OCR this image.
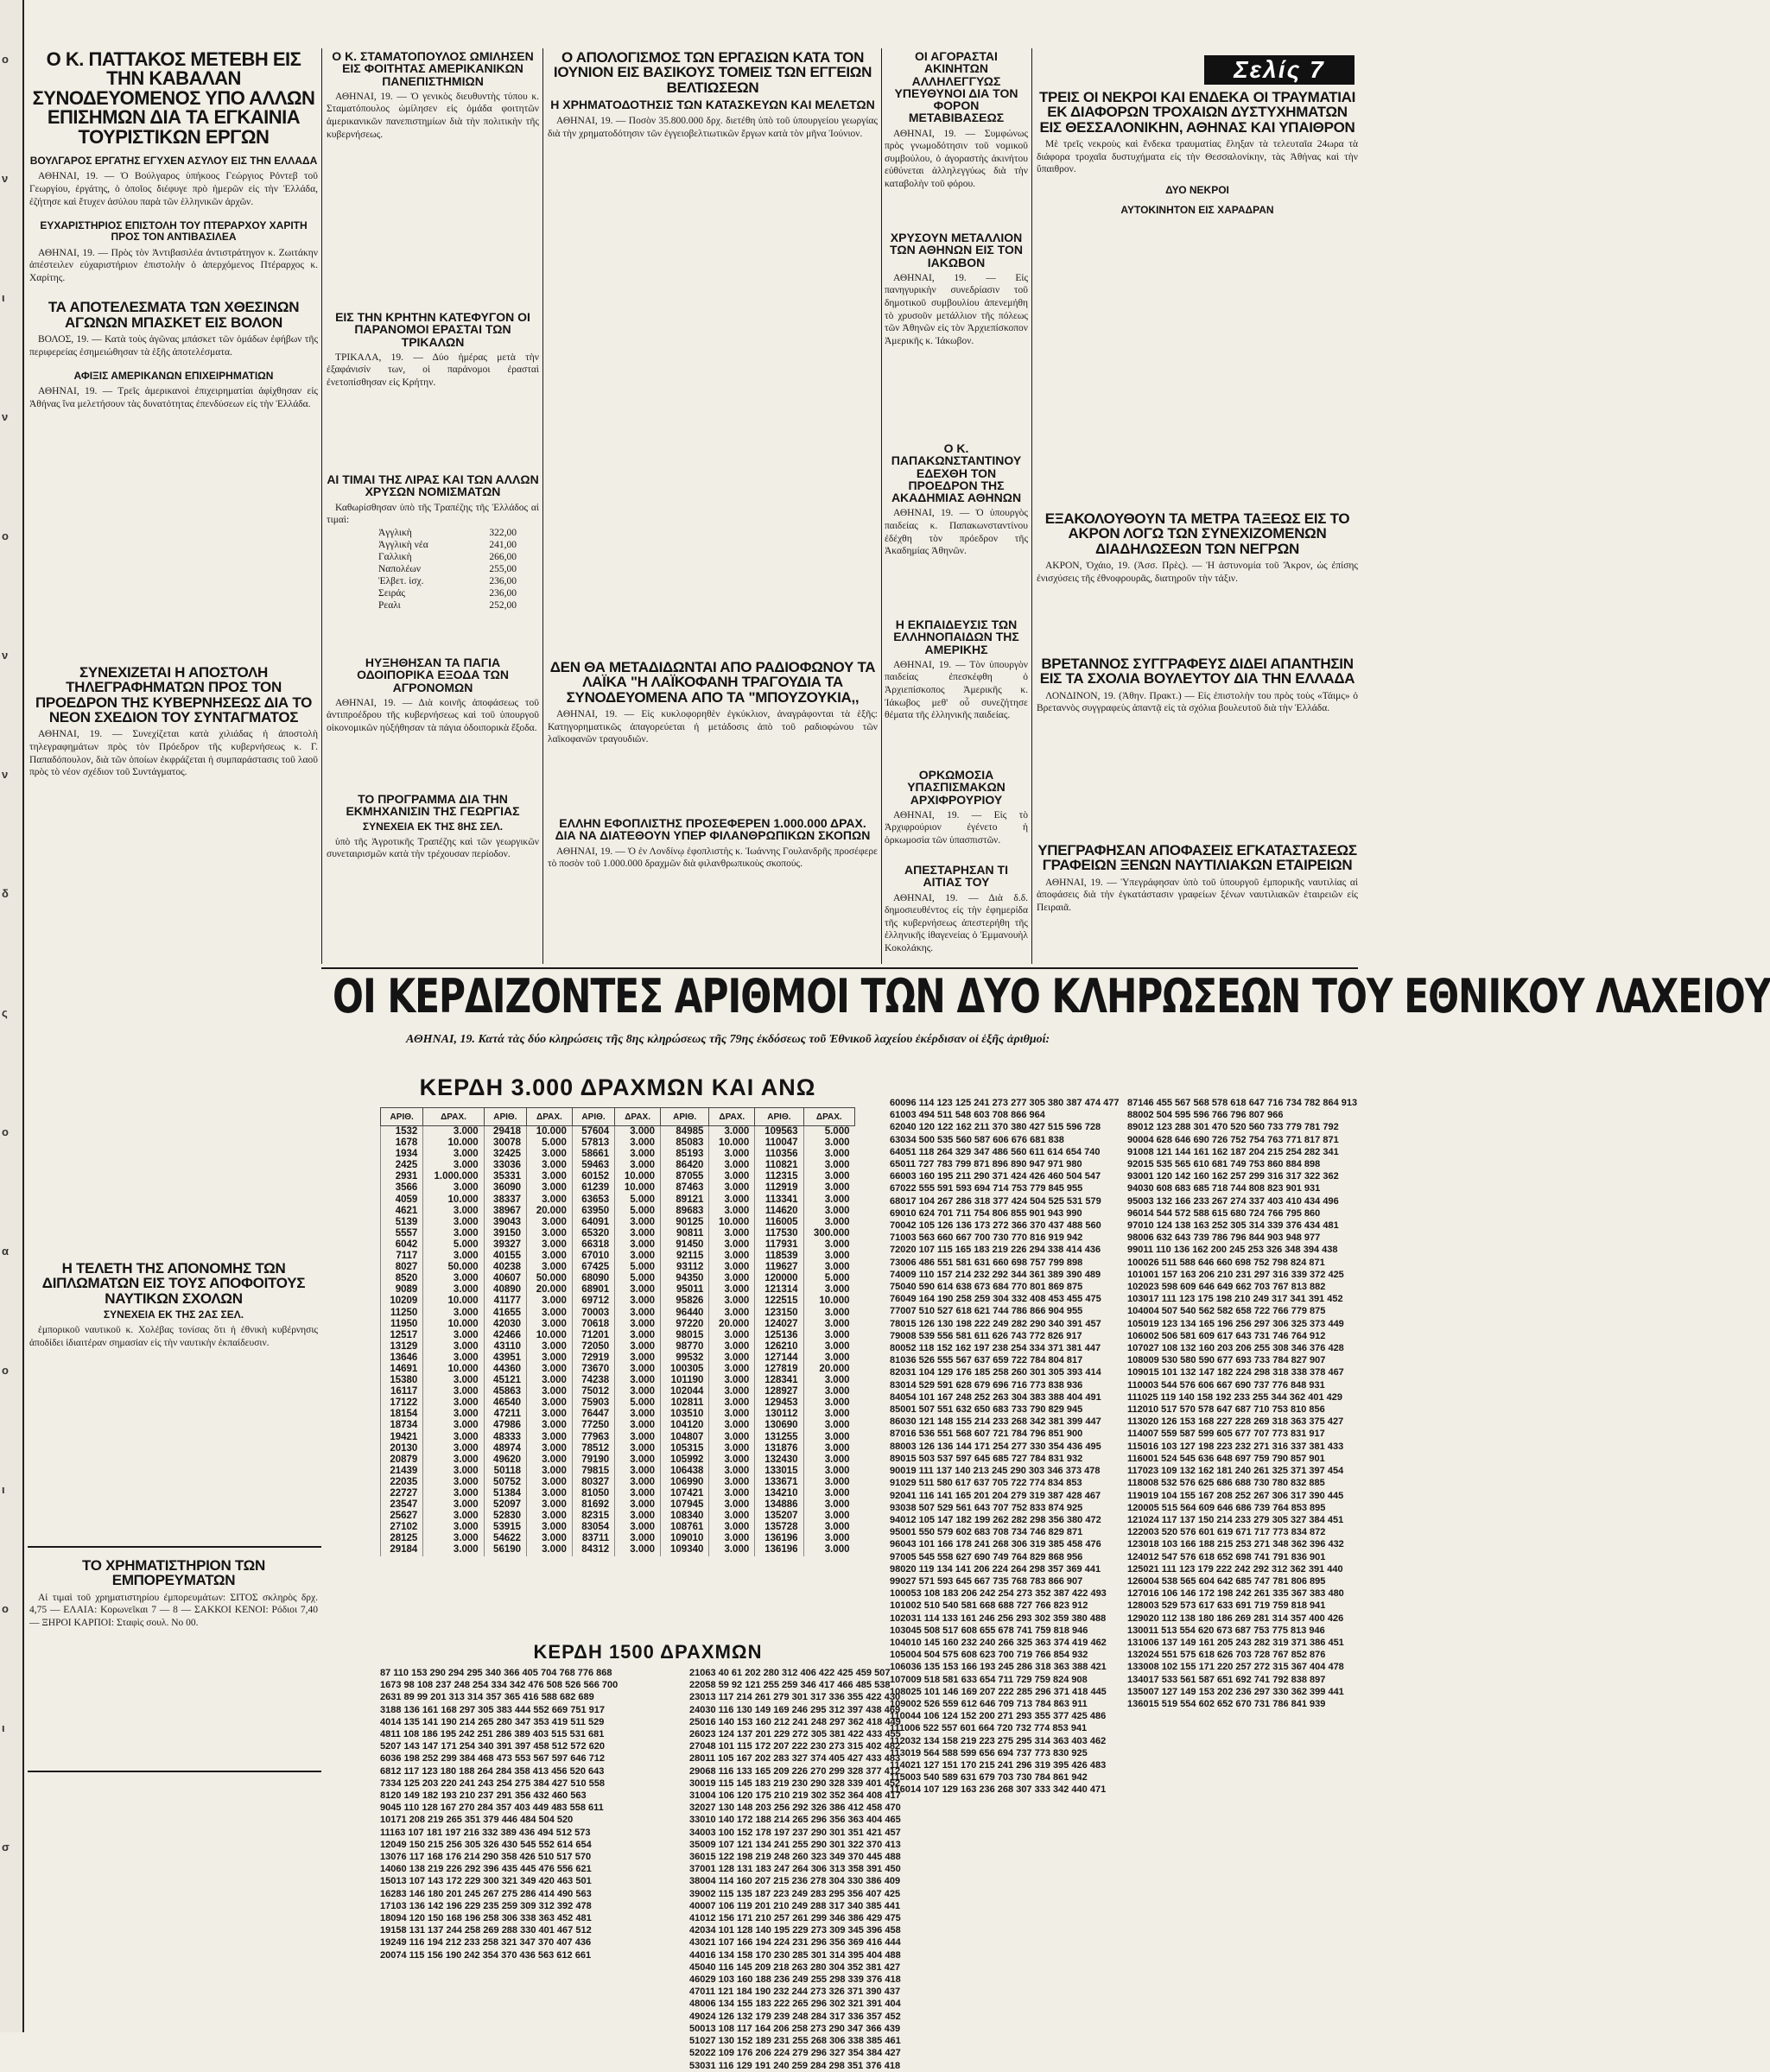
ο
ν
ι
ν
ο
ν
ν
δ
ς
ο
α
ο
ι
ο
ι
σ
Σελίς 7
Ο Κ. ΠΑΤΤΑΚΟΣ ΜΕΤΕΒΗ ΕΙΣ ΤΗΝ ΚΑΒΑΛΑΝ ΣΥΝΟΔΕΥΟΜΕΝΟΣ ΥΠΟ ΑΛΛΩΝ ΕΠΙΣΗΜΩΝ ΔΙΑ ΤΑ ΕΓΚΑΙΝΙΑ ΤΟΥΡΙΣΤΙΚΩΝ ΕΡΓΩΝ
ΒΟΥΛΓΑΡΟΣ ΕΡΓΑΤΗΣ ΕΓΥΧΕΝ ΑΣΥΛΟΥ ΕΙΣ ΤΗΝ ΕΛΛΑΔΑ

ΑΘΗΝΑΙ, 19. — Ὁ Βούλγαρος ὑπήκοος Γεώργιος Ρόντεβ τοῦ Γεωργίου, ἐργάτης, ὁ ὁποῖος διέφυγε πρὸ ἡμερῶν εἰς τὴν Ἑλλάδα, ἐζήτησε καὶ ἔτυχεν ἀσύλου παρὰ τῶν ἑλληνικῶν ἀρχῶν.

ΕΥΧΑΡΙΣΤΗΡΙΟΣ ΕΠΙΣΤΟΛΗ ΤΟΥ ΠΤΕΡΑΡΧΟΥ ΧΑΡΙΤΗ ΠΡΟΣ ΤΟΝ ΑΝΤΙΒΑΣΙΛΕΑ

ΑΘΗΝΑΙ, 19. — Πρὸς τὸν Ἀντιβασιλέα ἀντιστράτηγον κ. Ζωιτάκην ἀπέστειλεν εὐχαριστήριον ἐπιστολὴν ὁ ἀπερχόμενος Πτέραρχος κ. Χαρίτης.

ΤΑ ΑΠΟΤΕΛΕΣΜΑΤΑ ΤΩΝ ΧΘΕΣΙΝΩΝ ΑΓΩΝΩΝ ΜΠΑΣΚΕΤ ΕΙΣ ΒΟΛΟΝ

ΒΟΛΟΣ, 19. — Κατὰ τοὺς ἀγῶνας μπάσκετ τῶν ὁμάδων ἐφήβων τῆς περιφερείας ἐσημειώθησαν τὰ ἑξῆς ἀποτελέσματα.

ΑΦΙΞΙΣ ΑΜΕΡΙΚΑΝΩΝ ΕΠΙΧΕΙΡΗΜΑΤΙΩΝ

ΑΘΗΝΑΙ, 19. — Τρεῖς ἀμερικανοὶ ἐπιχειρηματίαι ἀφίχθησαν εἰς Ἀθήνας ἵνα μελετήσουν τὰς δυνατότητας ἐπενδύσεων εἰς τὴν Ἑλλάδα.

ΣΥΝΕΧΙΖΕΤΑΙ Η ΑΠΟΣΤΟΛΗ ΤΗΛΕΓΡΑΦΗΜΑΤΩΝ ΠΡΟΣ ΤΟΝ ΠΡΟΕΔΡΟΝ ΤΗΣ ΚΥΒΕΡΝΗΣΕΩΣ ΔΙΑ ΤΟ ΝΕΟΝ ΣΧΕΔΙΟΝ ΤΟΥ ΣΥΝΤΑΓΜΑΤΟΣ

ΑΘΗΝΑΙ, 19. — Συνεχίζεται κατὰ χιλιάδας ἡ ἀποστολὴ τηλεγραφημάτων πρὸς τὸν Πρόεδρον τῆς κυβερνήσεως κ. Γ. Παπαδόπουλον, διὰ τῶν ὁποίων ἐκφράζεται ἡ συμπαράστασις τοῦ λαοῦ πρὸς τὸ νέον σχέδιον τοῦ Συντάγματος.

Η ΤΕΛΕΤΗ ΤΗΣ ΑΠΟΝΟΜΗΣ ΤΩΝ ΔΙΠΛΩΜΑΤΩΝ ΕΙΣ ΤΟΥΣ ΑΠΟΦΟΙΤΟΥΣ ΝΑΥΤΙΚΩΝ ΣΧΟΛΩΝ
ΣΥΝΕΧΕΙΑ ΕΚ ΤΗΣ 2ΑΣ ΣΕΛ.

ἐμπορικοῦ ναυτικοῦ κ. Χολέβας τονίσας ὅτι ἡ ἐθνικὴ κυβέρνησις ἀποδίδει ἰδιαιτέραν σημασίαν εἰς τὴν ναυτικὴν ἐκπαίδευσιν.

ΤΟ ΧΡΗΜΑΤΙΣΤΗΡΙΟΝ ΤΩΝ ΕΜΠΟΡΕΥΜΑΤΩΝ

Αἱ τιμαὶ τοῦ χρηματιστηρίου ἐμπορευμάτων: ΣΙΤΟΣ σκληρὸς δρχ. 4,75 — ΕΛΑΙΑ: Κορωνεῖκαι 7 — 8 — ΣΑΚΚΟΙ ΚΕΝΟΙ: Ρόδιοι 7,40 — ΞΗΡΟΙ ΚΑΡΠΟΙ: Σταφὶς σουλ. Νο 00.

Ο Κ. ΣΤΑΜΑΤΟΠΟΥΛΟΣ ΩΜΙΛΗΣΕΝ ΕΙΣ ΦΟΙΤΗΤΑΣ ΑΜΕΡΙΚΑΝΙΚΩΝ ΠΑΝΕΠΙΣΤΗΜΙΩΝ

ΑΘΗΝΑΙ, 19. — Ὁ γενικὸς διευθυντὴς τύπου κ. Σταματόπουλος ὡμίλησεν εἰς ὁμάδα φοιτητῶν ἀμερικανικῶν πανεπιστημίων διὰ τὴν πολιτικὴν τῆς κυβερνήσεως.

ΕΙΣ ΤΗΝ ΚΡΗΤΗΝ ΚΑΤΕΦΥΓΟΝ ΟΙ ΠΑΡΑΝΟΜΟΙ ΕΡΑΣΤΑΙ ΤΩΝ ΤΡΙΚΑΛΩΝ

ΤΡΙΚΑΛΑ, 19. — Δύο ἡμέρας μετὰ τὴν ἐξαφάνισίν των, οἱ παράνομοι ἐρασταὶ ἐνετοπίσθησαν εἰς Κρήτην.

ΑΙ ΤΙΜΑΙ ΤΗΣ ΛΙΡΑΣ ΚΑΙ ΤΩΝ ΑΛΛΩΝ ΧΡΥΣΩΝ ΝΟΜΙΣΜΑΤΩΝ

Καθωρίσθησαν ὑπὸ τῆς Τραπέζης τῆς Ἑλλάδος αἱ τιμαὶ:

Ἀγγλικὴ	322,00
Ἀγγλικὴ νέα	241,00
Γαλλικὴ	266,00
Ναπολέων	255,00
Ἑλβετ. ἰσχ.	236,00
Σειράς	236,00
Ρεαλι	252,00
ΗΥΞΗΘΗΣΑΝ ΤΑ ΠΑΓΙΑ ΟΔΟΙΠΟΡΙΚΑ ΕΞΟΔΑ ΤΩΝ ΑΓΡΟΝΟΜΩΝ

ΑΘΗΝΑΙ, 19. — Διὰ κοινῆς ἀποφάσεως τοῦ ἀντιπροέδρου τῆς κυβερνήσεως καὶ τοῦ ὑπουργοῦ οἰκονομικῶν ηὐξήθησαν τὰ πάγια ὁδοιπορικὰ ἔξοδα.

ΤΟ ΠΡΟΓΡΑΜΜΑ ΔΙΑ ΤΗΝ ΕΚΜΗΧΑΝΙΣΙΝ ΤΗΣ ΓΕΩΡΓΙΑΣ
ΣΥΝΕΧΕΙΑ ΕΚ ΤΗΣ 8ΗΣ ΣΕΛ.

ὑπὸ τῆς Ἀγροτικῆς Τραπέζης καὶ τῶν γεωργικῶν συνεταιρισμῶν κατὰ τὴν τρέχουσαν περίοδον.

Ο ΑΠΟΛΟΓΙΣΜΟΣ ΤΩΝ ΕΡΓΑΣΙΩΝ ΚΑΤΑ ΤΟΝ ΙΟΥΝΙΟΝ ΕΙΣ ΒΑΣΙΚΟΥΣ ΤΟΜΕΙΣ ΤΩΝ ΕΓΓΕΙΩΝ ΒΕΛΤΙΩΣΕΩΝ
Η ΧΡΗΜΑΤΟΔΟΤΗΣΙΣ ΤΩΝ ΚΑΤΑΣΚΕΥΩΝ ΚΑΙ ΜΕΛΕΤΩΝ

ΑΘΗΝΑΙ, 19. — Ποσὸν 35.800.000 δρχ. διετέθη ὑπὸ τοῦ ὑπουργείου γεωργίας διὰ τὴν χρηματοδότησιν τῶν ἐγγειοβελτιωτικῶν ἔργων κατὰ τὸν μῆνα Ἰούνιον.

ΔΕΝ ΘΑ ΜΕΤΑΔΙΔΩΝΤΑΙ ΑΠΟ ΡΑΔΙΟΦΩΝΟΥ ΤΑ ΛΑΪΚΑ "Η ΛΑΪΚΟΦΑΝΗ ΤΡΑΓΟΥΔΙΑ ΤΑ ΣΥΝΟΔΕΥΟΜΕΝΑ ΑΠΟ ΤΑ "ΜΠΟΥΖΟΥΚΙΑ,,

ΑΘΗΝΑΙ, 19. — Εἰς κυκλοφορηθὲν ἐγκύκλιον, ἀναγράφονται τὰ ἑξῆς: Κατηγορηματικῶς ἀπαγορεύεται ἡ μετάδοσις ἀπὸ τοῦ ραδιοφώνου τῶν λαϊκοφανῶν τραγουδιῶν.

ΕΛΛΗΝ ΕΦΟΠΛΙΣΤΗΣ ΠΡΟΣΕΦΕΡΕΝ 1.000.000 ΔΡΑΧ. ΔΙΑ ΝΑ ΔΙΑΤΕΘΟΥΝ ΥΠΕΡ ΦΙΛΑΝΘΡΩΠΙΚΩΝ ΣΚΟΠΩΝ

ΑΘΗΝΑΙ, 19. — Ὁ ἐν Λονδίνῳ ἐφοπλιστὴς κ. Ἰωάννης Γουλανδρῆς προσέφερε τὸ ποσὸν τοῦ 1.000.000 δραχμῶν διὰ φιλανθρωπικοὺς σκοπούς.

ΟΙ ΑΓΟΡΑΣΤΑΙ ΑΚΙΝΗΤΩΝ ΑΛΛΗΛΕΓΓΥΩΣ ΥΠΕΥΘΥΝΟΙ ΔΙΑ ΤΟΝ ΦΟΡΟΝ ΜΕΤΑΒΙΒΑΣΕΩΣ

ΑΘΗΝΑΙ, 19. — Συμφώνως πρὸς γνωμοδότησιν τοῦ νομικοῦ συμβούλου, ὁ ἀγοραστὴς ἀκινήτου εὐθύνεται ἀλληλεγγύως διὰ τὴν καταβολὴν τοῦ φόρου.

ΧΡΥΣΟΥΝ ΜΕΤΑΛΛΙΟΝ ΤΩΝ ΑΘΗΝΩΝ ΕΙΣ ΤΟΝ ΙΑΚΩΒΟΝ

ΑΘΗΝΑΙ, 19. — Εἰς πανηγυρικὴν συνεδρίασιν τοῦ δημοτικοῦ συμβουλίου ἀπενεμήθη τὸ χρυσοῦν μετάλλιον τῆς πόλεως τῶν Ἀθηνῶν εἰς τὸν Ἀρχιεπίσκοπον Ἀμερικῆς κ. Ἰάκωβον.

Ο Κ. ΠΑΠΑΚΩΝΣΤΑΝΤΙΝΟΥ ΕΔΕΧΘΗ ΤΟΝ ΠΡΟΕΔΡΟΝ ΤΗΣ ΑΚΑΔΗΜΙΑΣ ΑΘΗΝΩΝ

ΑΘΗΝΑΙ, 19. — Ὁ ὑπουργὸς παιδείας κ. Παπακωνσταντίνου ἐδέχθη τὸν πρόεδρον τῆς Ἀκαδημίας Ἀθηνῶν.

Η ΕΚΠΑΙΔΕΥΣΙΣ ΤΩΝ ΕΛΛΗΝΟΠΑΙΔΩΝ ΤΗΣ ΑΜΕΡΙΚΗΣ

ΑΘΗΝΑΙ, 19. — Τὸν ὑπουργὸν παιδείας ἐπεσκέφθη ὁ Ἀρχιεπίσκοπος Ἀμερικῆς κ. Ἰάκωβος μεθ' οὗ συνεζήτησε θέματα τῆς ἑλληνικῆς παιδείας.

ΟΡΚΩΜΟΣΙΑ ΥΠΑΣΠΙΣΜΑΚΩΝ ΑΡΧΙΦΡΟΥΡΙΟΥ

ΑΘΗΝΑΙ, 19. — Εἰς τὸ Ἀρχιφρούριον ἐγένετο ἡ ὁρκωμοσία τῶν ὑπασπιστῶν.

ΑΠΕΣΤΑΡΗΣΑΝ ΤΙ ΑΙΤΙΑΣ ΤΟΥ

ΑΘΗΝΑΙ, 19. — Διὰ δ.δ. δημοσιευθέντος εἰς τὴν ἐφημερίδα τῆς κυβερνήσεως ἀπεστερήθη τῆς ἑλληνικῆς ἰθαγενείας ὁ Ἐμμανουὴλ Κοκολάκης.

ΤΡΕΙΣ ΟΙ ΝΕΚΡΟΙ ΚΑΙ ΕΝΔΕΚΑ ΟΙ ΤΡΑΥΜΑΤΙΑΙ ΕΚ ΔΙΑΦΟΡΩΝ ΤΡΟΧΑΙΩΝ ΔΥΣΤΥΧΗΜΑΤΩΝ ΕΙΣ ΘΕΣΣΑΛΟΝΙΚΗΝ, ΑΘΗΝΑΣ ΚΑΙ ΥΠΑΙΘΡΟΝ

Μὲ τρεῖς νεκροὺς καὶ ἕνδεκα τραυματίας ἔληξαν τὰ τελευταῖα 24ωρα τὰ διάφορα τροχαῖα δυστυχήματα εἰς τὴν Θεσσαλονίκην, τὰς Ἀθήνας καὶ τὴν ὕπαιθρον.

ΔΥΟ ΝΕΚΡΟΙ
ΑΥΤΟΚΙΝΗΤΟΝ ΕΙΣ ΧΑΡΑΔΡΑΝ
ΕΞΑΚΟΛΟΥΘΟΥΝ ΤΑ ΜΕΤΡΑ ΤΑΞΕΩΣ ΕΙΣ ΤΟ ΑΚΡΟΝ ΛΟΓΩ ΤΩΝ ΣΥΝΕΧΙΖΟΜΕΝΩΝ ΔΙΑΔΗΛΩΣΕΩΝ ΤΩΝ ΝΕΓΡΩΝ

ΑΚΡΟΝ, Ὀχάιο, 19. (Ἀσσ. Πρὲς). — Ἡ ἀστυνομία τοῦ Ἄκρον, ὡς ἐπίσης ἐνισχύσεις τῆς ἐθνοφρουρᾶς, διατηροῦν τὴν τάξιν.

ΒΡΕΤΑΝΝΟΣ ΣΥΓΓΡΑΦΕΥΣ ΔΙΔΕΙ ΑΠΑΝΤΗΣΙΝ ΕΙΣ ΤΑ ΣΧΟΛΙΑ ΒΟΥΛΕΥΤΟΥ ΔΙΑ ΤΗΝ ΕΛΛΑΔΑ

ΛΟΝΔΙΝΟΝ, 19. (Ἀθην. Πρακτ.) — Εἰς ἐπιστολὴν του πρὸς τοὺς «Τάιμς» ὁ Βρεταννὸς συγγραφεὺς ἀπαντᾷ εἰς τὰ σχόλια βουλευτοῦ διὰ τὴν Ἑλλάδα.

ΥΠΕΓΡΑΦΗΣΑΝ ΑΠΟΦΑΣΕΙΣ ΕΓΚΑΤΑΣΤΑΣΕΩΣ ΓΡΑΦΕΙΩΝ ΞΕΝΩΝ ΝΑΥΤΙΛΙΑΚΩΝ ΕΤΑΙΡΕΙΩΝ

ΑΘΗΝΑΙ, 19. — Ὑπεγράφησαν ὑπὸ τοῦ ὑπουργοῦ ἐμπορικῆς ναυτιλίας αἱ ἀποφάσεις διὰ τὴν ἐγκατάστασιν γραφείων ξένων ναυτιλιακῶν ἑταιρειῶν εἰς Πειραιᾶ.

ΟΙ ΚΕΡΔΙΖΟΝΤΕΣ ΑΡΙΘΜΟΙ ΤΩΝ ΔΥΟ ΚΛΗΡΩΣΕΩΝ ΤΟΥ ΕΘΝΙΚΟΥ ΛΑΧΕΙΟΥ
ΑΘΗΝΑΙ, 19. Κατά τὰς δύο κληρώσεις τῆς 8ης κληρώσεως τῆς 79ης ἐκδόσεως τοῦ Ἐθνικοῦ λαχείου ἐκέρδισαν οἱ ἑξῆς ἀριθμοί:
ΚΕΡΔΗ 3.000 ΔΡΑΧΜΩΝ ΚΑΙ ΑΝΩ
ΑΡΙΘ.	ΔΡΑΧ.	ΑΡΙΘ.	ΔΡΑΧ.	ΑΡΙΘ.	ΔΡΑΧ.	ΑΡΙΘ.	ΔΡΑΧ.	ΑΡΙΘ.	ΔΡΑΧ.
1532	3.000	29418	10.000	57604	3.000	84985	3.000	109563	5.000
1678	10.000	30078	5.000	57813	3.000	85083	10.000	110047	3.000
1934	3.000	32425	3.000	58661	3.000	85193	3.000	110356	3.000
2425	3.000	33036	3.000	59463	3.000	86420	3.000	110821	3.000
2931	1.000.000	35331	3.000	60152	10.000	87055	3.000	112315	3.000
3566	3.000	36090	3.000	61239	10.000	87463	3.000	112919	3.000
4059	10.000	38337	3.000	63653	5.000	89121	3.000	113341	3.000
4621	3.000	38967	20.000	63950	5.000	89683	3.000	114620	3.000
5139	3.000	39043	3.000	64091	3.000	90125	10.000	116005	3.000
5557	3.000	39150	3.000	65320	3.000	90811	3.000	117530	300.000
6042	5.000	39327	3.000	66318	3.000	91450	3.000	117931	3.000
7117	3.000	40155	3.000	67010	3.000	92115	3.000	118539	3.000
8027	50.000	40238	3.000	67425	5.000	93112	3.000	119627	3.000
8520	3.000	40607	50.000	68090	5.000	94350	3.000	120000	5.000
9089	3.000	40890	20.000	68901	3.000	95011	3.000	121314	3.000
10209	10.000	41177	3.000	69712	3.000	95826	3.000	122515	10.000
11250	3.000	41655	3.000	70003	3.000	96440	3.000	123150	3.000
11950	10.000	42030	3.000	70618	3.000	97220	20.000	124027	3.000
12517	3.000	42466	10.000	71201	3.000	98015	3.000	125136	3.000
13129	3.000	43110	3.000	72050	3.000	98770	3.000	126210	3.000
13646	3.000	43951	3.000	72919	3.000	99532	3.000	127144	3.000
14691	10.000	44360	3.000	73670	3.000	100305	3.000	127819	20.000
15380	3.000	45121	3.000	74238	3.000	101190	3.000	128341	3.000
16117	3.000	45863	3.000	75012	3.000	102044	3.000	128927	3.000
17122	3.000	46540	3.000	75903	5.000	102811	3.000	129453	3.000
18154	3.000	47211	3.000	76447	3.000	103510	3.000	130112	3.000
18734	3.000	47986	3.000	77250	3.000	104120	3.000	130690	3.000
19421	3.000	48333	3.000	77963	3.000	104807	3.000	131255	3.000
20130	3.000	48974	3.000	78512	3.000	105315	3.000	131876	3.000
20879	3.000	49620	3.000	79190	3.000	105992	3.000	132430	3.000
21439	3.000	50118	3.000	79815	3.000	106438	3.000	133015	3.000
22035	3.000	50752	3.000	80327	3.000	106990	3.000	133671	3.000
22727	3.000	51384	3.000	81050	3.000	107421	3.000	134210	3.000
23547	3.000	52097	3.000	81692	3.000	107945	3.000	134886	3.000
25627	3.000	52830	3.000	82315	3.000	108340	3.000	135207	3.000
27102	3.000	53915	3.000	83054	3.000	108761	3.000	135728	3.000
28125	3.000	54622	3.000	83711	3.000	109010	3.000	136196	3.000
29184	3.000	56190	3.000	84312	3.000	109340	3.000	136196	3.000
ΚΕΡΔΗ 1500 ΔΡΑΧΜΩΝ
87 110 153 290 294 295 340 366 405 704 768 776 868
1673 98 108 237 248 254 334 342 476 508 526 566 700
2631 89 99 201 313 314 357 365 416 588 682 689
3188 136 161 168 297 305 383 444 552 669 751 917
4014 135 141 190 214 265 280 347 353 419 511 529
4811 108 186 195 242 251 286 389 403 515 531 681
5207 143 147 171 254 340 391 397 458 512 572 620
6036 198 252 299 384 468 473 553 567 597 646 712
6812 117 123 180 188 264 284 358 413 456 520 643
7334 125 203 220 241 243 254 275 384 427 510 558
8120 149 182 193 210 237 291 356 432 460 563
9045 110 128 167 270 284 357 403 449 483 558 611
10171 208 219 265 351 379 446 484 504 520
11163 107 181 197 216 332 389 436 494 512 573
12049 150 215 256 305 326 430 545 552 614 654
13076 117 168 176 214 290 358 426 510 517 570
14060 138 219 226 292 396 435 445 476 556 621
15013 107 143 172 229 300 321 349 420 463 501
16283 146 180 201 245 267 275 286 414 490 563
17103 136 142 196 229 235 259 309 312 392 478
18094 120 150 168 196 258 306 338 363 452 481
19158 131 137 244 258 269 288 330 401 467 512
19249 116 194 212 233 258 321 347 370 407 436
20074 115 156 190 242 354 370 436 563 612 661
21063 40 61 202 280 312 406 422 425 459 507
22058 59 92 121 255 259 346 417 466 485 538
23013 117 214 261 279 301 317 336 355 422 430
24030 116 130 149 169 246 295 312 397 438 469
25016 140 153 160 212 241 248 297 362 418 449
26023 124 137 201 229 272 305 381 422 433 455
27048 101 115 172 207 222 230 273 315 402 482
28011 105 167 202 283 327 374 405 427 433 483
29068 116 133 165 209 226 270 299 328 377 412
30019 115 145 183 219 230 290 328 339 401 452
31004 106 120 175 210 219 302 352 364 408 417
32027 130 148 203 256 292 326 386 412 458 470
33010 140 172 188 214 265 296 356 363 404 465
34003 100 152 178 197 237 290 301 351 421 457
35009 107 121 134 241 255 290 301 322 370 413
36015 122 198 219 248 260 323 349 370 445 488
37001 128 131 183 247 264 306 313 358 391 450
38004 114 160 207 215 236 278 304 330 386 409
39002 115 135 187 223 249 283 295 356 407 425
40007 106 119 201 210 249 288 317 340 385 441
41012 156 171 210 257 261 299 346 386 429 475
42034 101 128 140 195 229 273 309 345 396 458
43021 107 166 194 224 231 296 356 369 416 444
44016 134 158 170 230 285 301 314 395 404 488
45040 116 145 209 218 263 280 304 352 381 427
46029 103 160 188 236 249 255 298 339 376 418
47011 121 184 190 232 244 273 326 371 390 437
48006 134 155 183 222 265 296 302 321 391 404
49024 126 132 179 239 248 284 317 336 357 452
50013 108 117 164 206 258 273 290 347 366 439
51027 130 152 189 231 255 268 306 338 385 461
52022 109 176 206 224 279 296 327 354 384 427
53031 116 129 191 240 259 284 298 351 376 418
60096 114 123 125 241 273 277 305 380 387 474 477
61003 494 511 548 603 708 866 964
62040 120 122 162 211 370 380 427 515 596 728
63034 500 535 560 587 606 676 681 838
64051 118 264 329 347 486 560 611 614 654 740
65011 727 783 799 871 896 890 947 971 980
66003 160 195 211 290 371 424 426 460 504 547
67022 555 591 593 694 714 753 779 845 955
68017 104 267 286 318 377 424 504 525 531 579
69010 624 701 711 754 806 855 901 943 990
70042 105 126 136 173 272 366 370 437 488 560
71003 563 660 667 700 730 770 816 919 942
72020 107 115 165 183 219 226 294 338 414 436
73006 486 551 581 631 660 698 757 799 898
74009 110 157 214 232 292 344 361 389 390 489
75040 590 614 638 673 684 770 801 869 875
76049 164 190 258 259 304 332 408 453 455 475
77007 510 527 618 621 744 786 866 904 955
78015 126 130 198 222 249 282 290 340 391 457
79008 539 556 581 611 626 743 772 826 917
80052 118 152 162 197 238 254 334 371 381 447
81036 526 555 567 637 659 722 784 804 817
82031 104 129 176 185 258 260 301 305 393 414
83014 529 591 628 679 696 716 773 838 936
84054 101 167 248 252 263 304 383 388 404 491
85001 507 551 632 650 683 733 790 829 945
86030 121 148 155 214 233 268 342 381 399 447
87016 536 551 568 607 721 784 796 851 900
88003 126 136 144 171 254 277 330 354 436 495
89015 503 537 597 645 685 727 784 831 932
90019 111 137 140 213 245 290 303 346 373 478
91029 511 580 617 637 705 722 774 834 853
92041 116 141 165 201 204 279 319 387 428 467
93038 507 529 561 643 707 752 833 874 925
94012 105 147 182 199 262 282 298 356 380 472
95001 550 579 602 683 708 734 746 829 871
96043 101 166 178 241 268 306 319 385 458 476
97005 545 558 627 690 749 764 829 868 956
98020 119 134 141 206 224 264 298 357 369 441
99027 571 593 645 667 735 768 783 866 907
100053 108 183 206 242 254 273 352 387 422 493
101002 510 540 581 668 688 727 766 823 912
102031 114 133 161 246 256 293 302 359 380 488
103045 508 517 608 655 678 741 759 818 946
104010 145 160 232 240 266 325 363 374 419 462
105004 504 575 608 623 700 719 766 854 932
106036 135 153 166 193 245 286 318 363 388 421
107009 518 581 633 654 711 729 759 824 908
108025 101 146 169 207 222 285 296 371 418 445
109002 526 559 612 646 709 713 784 863 911
110044 106 124 152 200 271 293 355 377 425 486
111006 522 557 601 664 720 732 774 853 941
112032 134 158 219 223 275 295 314 363 403 462
113019 564 588 599 656 694 737 773 830 925
114021 127 151 170 215 241 296 319 395 426 483
115003 540 589 631 679 703 730 784 861 942
116014 107 129 163 236 268 307 333 342 440 471
87146 455 567 568 578 618 647 716 734 782 864 913
88002 504 595 596 766 796 807 966
89012 123 288 301 470 520 560 733 779 781 792
90004 628 646 690 726 752 754 763 771 817 871
91008 121 144 161 162 187 204 215 254 282 341
92015 535 565 610 681 749 753 860 884 898
93001 120 142 160 162 257 299 316 317 322 362
94030 608 683 685 718 744 808 823 901 931
95003 132 166 233 267 274 337 403 410 434 496
96014 544 572 588 615 680 724 766 795 860
97010 124 138 163 252 305 314 339 376 434 481
98006 632 643 739 786 796 844 903 948 977
99011 110 136 162 200 245 253 326 348 394 438
100026 511 588 646 660 698 752 798 824 871
101001 157 163 206 210 231 297 316 339 372 425
102023 598 609 646 649 662 703 767 813 882
103017 111 123 175 198 210 249 317 341 391 452
104004 507 540 562 582 658 722 766 779 875
105019 123 134 165 196 256 297 306 325 373 449
106002 506 581 609 617 643 731 746 764 912
107027 108 132 160 203 206 255 308 346 376 428
108009 530 580 590 677 693 733 784 827 907
109015 101 132 147 182 224 298 318 338 378 467
110003 544 576 606 667 690 737 776 848 931
111025 119 140 158 192 233 255 344 362 401 429
112010 517 570 578 647 687 710 753 810 856
113020 126 153 168 227 228 269 318 363 375 427
114007 559 587 599 605 677 707 773 831 917
115016 103 127 198 223 232 271 316 337 381 433
116001 524 545 636 648 697 759 790 857 901
117023 109 132 162 181 240 261 325 371 397 454
118008 532 576 625 686 688 730 780 832 885
119019 104 155 167 208 252 267 306 317 390 445
120005 515 564 609 646 686 739 764 853 895
121024 117 137 150 214 233 279 305 327 384 451
122003 520 576 601 619 671 717 773 834 872
123018 103 166 188 215 253 271 348 362 396 432
124012 547 576 618 652 698 741 791 836 901
125021 111 123 179 222 242 292 312 362 391 440
126004 538 565 604 642 685 747 781 806 895
127016 106 146 172 198 242 261 335 367 383 480
128003 529 573 617 633 691 719 759 818 941
129020 112 138 180 186 269 281 314 357 400 426
130011 513 554 620 673 687 753 775 813 946
131006 137 149 161 205 243 282 319 371 386 451
132024 551 575 618 626 703 728 767 852 876
133008 102 155 171 220 257 272 315 367 404 478
134017 533 561 587 651 692 741 792 838 897
135007 127 149 153 202 236 297 330 362 399 441
136015 519 554 602 652 670 731 786 841 939
